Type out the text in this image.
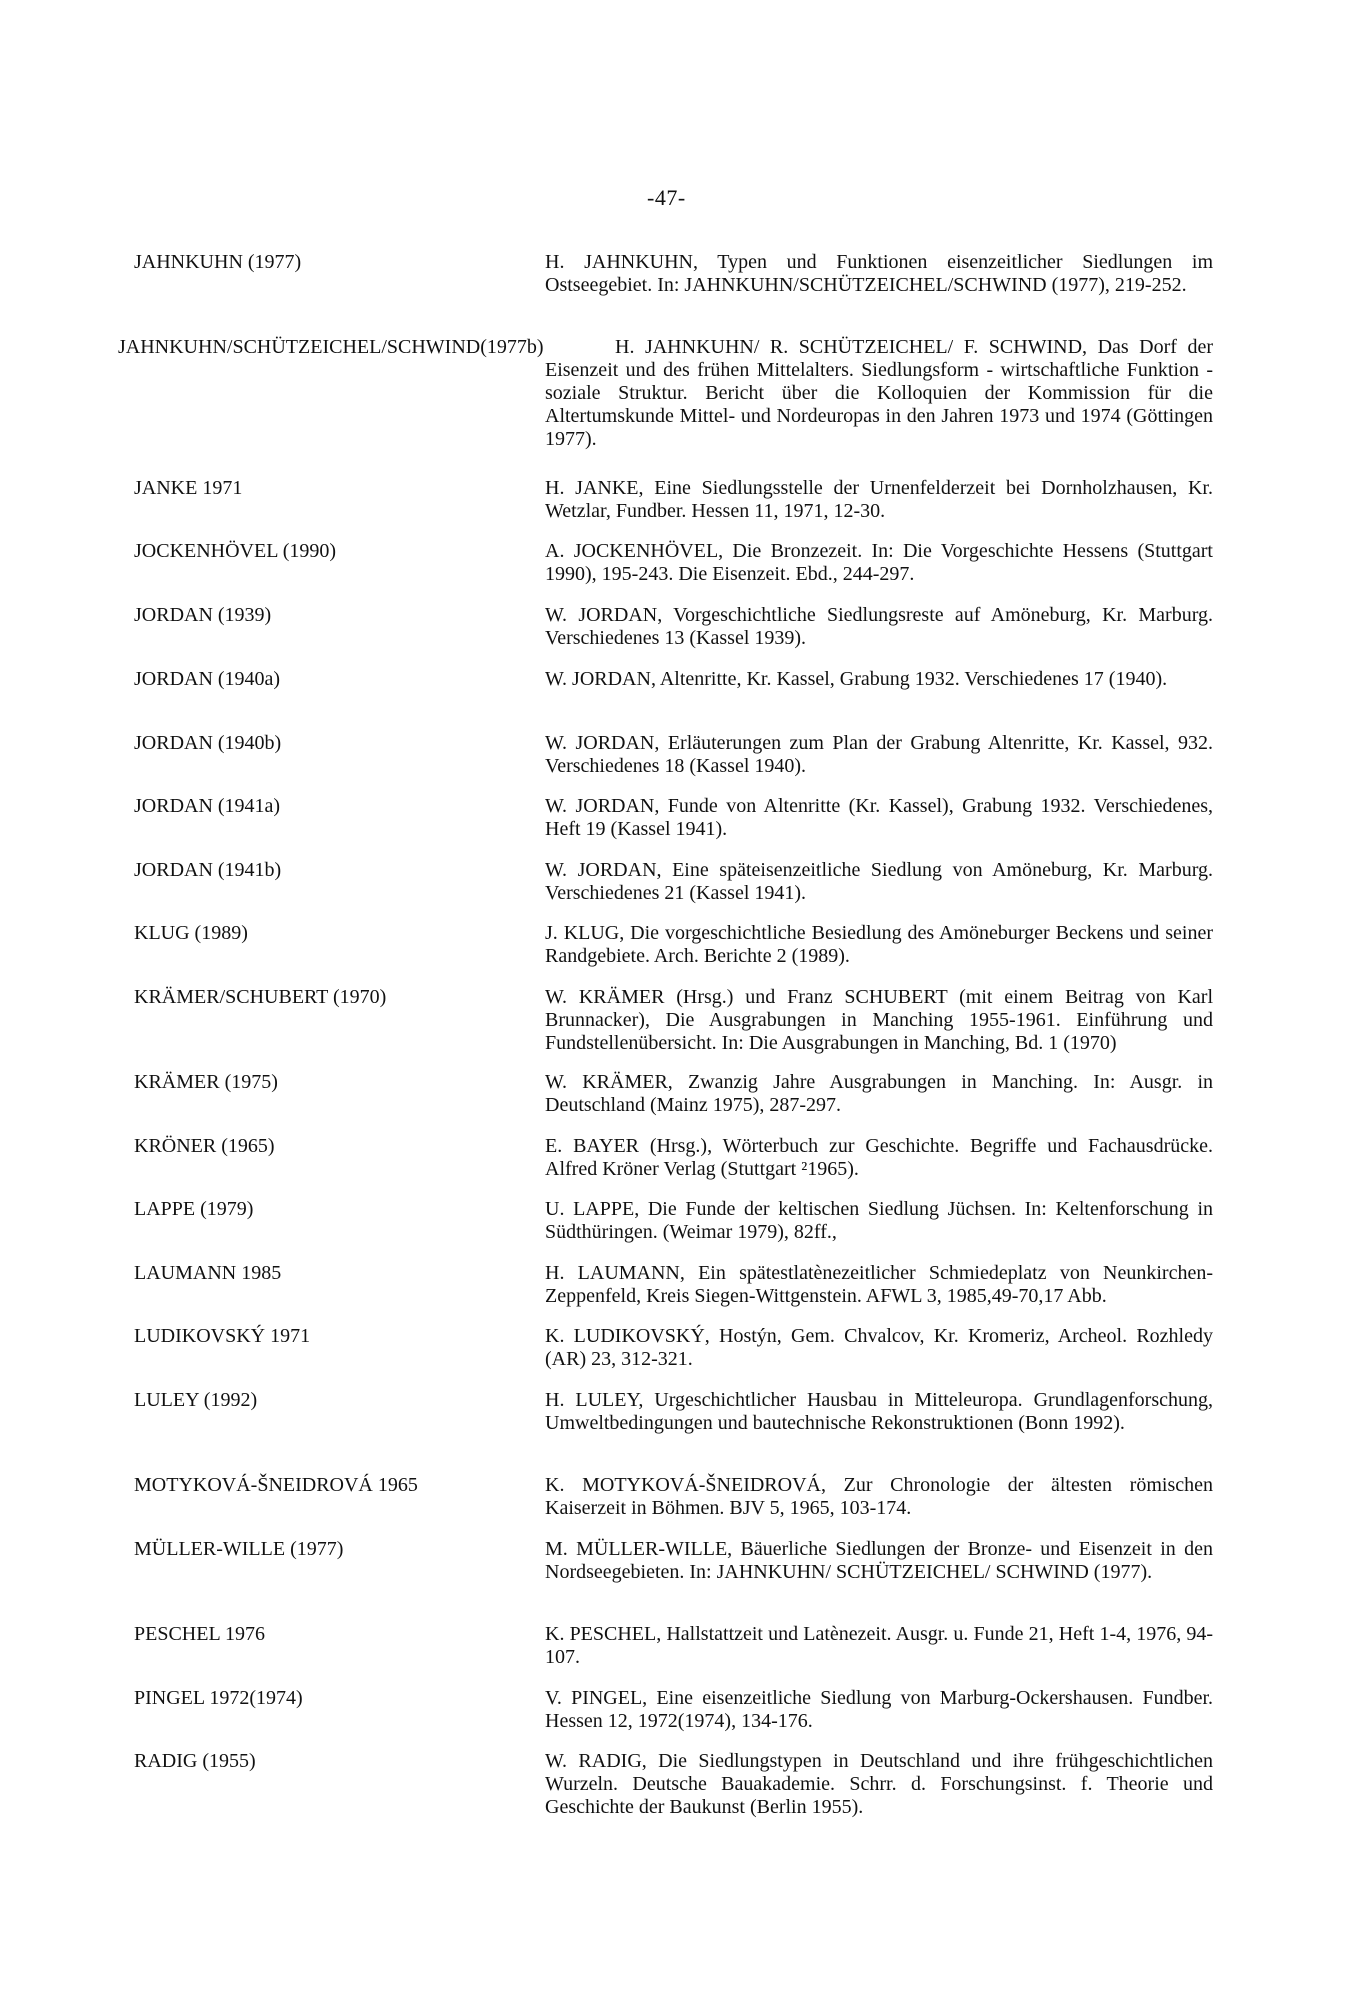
-47-
JAHNKUHN (1977)	H. JAHNKUHN, Typen und Funktionen eisenzeitlicher Siedlungen im Ostseegebiet. In: JAHNKUHN/SCHÜTZEICHEL/SCHWIND (1977), 219-252.
JAHNKUHN/SCHÜTZEICHEL/SCHWIND(1977b)	H. JAHNKUHN/ R. SCHÜTZEICHEL/ F. SCHWIND, Das Dorf der Eisenzeit und des frühen Mittelalters. Siedlungsform - wirtschaftliche Funktion - soziale Struktur. Bericht über die Kolloquien der Kommission für die Altertumskunde Mittel- und Nordeuropas in den Jahren 1973 und 1974 (Göttingen 1977).
JANKE 1971	H. JANKE, Eine Siedlungsstelle der Urnenfelderzeit bei Dornholzhausen, Kr. Wetzlar, Fundber. Hessen 11, 1971, 12-30.
JOCKENHÖVEL (1990)	A. JOCKENHÖVEL, Die Bronzezeit. In: Die Vorgeschichte Hessens (Stuttgart 1990), 195-243. Die Eisenzeit. Ebd., 244-297.
JORDAN (1939)	W. JORDAN, Vorgeschichtliche Siedlungsreste auf Amöneburg, Kr. Marburg. Verschiedenes 13 (Kassel 1939).
JORDAN (1940a)	W. JORDAN, Altenritte, Kr. Kassel, Grabung 1932. Verschiedenes 17 (1940).
JORDAN (1940b)	W. JORDAN, Erläuterungen zum Plan der Grabung Altenritte, Kr. Kassel, 932. Verschiedenes 18 (Kassel 1940).
JORDAN (1941a)	W. JORDAN, Funde von Altenritte (Kr. Kassel), Grabung 1932. Verschiedenes, Heft 19 (Kassel 1941).
JORDAN (1941b)	W. JORDAN, Eine späteisenzeitliche Siedlung von Amöneburg, Kr. Marburg. Verschiedenes 21 (Kassel 1941).
KLUG (1989)	J. KLUG, Die vorgeschichtliche Besiedlung des Amöneburger Beckens und seiner Randgebiete. Arch. Berichte 2 (1989).
KRÄMER/SCHUBERT (1970)	W. KRÄMER (Hrsg.) und Franz SCHUBERT (mit einem Beitrag von Karl Brunnacker), Die Ausgrabungen in Manching 1955-1961. Einführung und Fundstellenübersicht. In: Die Ausgrabungen in Manching, Bd. 1 (1970)
KRÄMER (1975)	W. KRÄMER, Zwanzig Jahre Ausgrabungen in Manching. In: Ausgr. in Deutschland (Mainz 1975), 287-297.
KRÖNER (1965)	E. BAYER (Hrsg.), Wörterbuch zur Geschichte. Begriffe und Fachausdrücke. Alfred Kröner Verlag (Stuttgart ²1965).
LAPPE (1979)	U. LAPPE, Die Funde der keltischen Siedlung Jüchsen. In: Keltenforschung in Südthüringen. (Weimar 1979), 82ff.,
LAUMANN 1985	H. LAUMANN, Ein spätestlatènezeitlicher Schmiedeplatz von Neunkirchen-Zeppenfeld, Kreis Siegen-Wittgenstein. AFWL 3, 1985,49-70,17 Abb.
LUDIKOVSKÝ 1971	K. LUDIKOVSKÝ, Hostýn, Gem. Chvalcov, Kr. Kromeriz, Archeol. Rozhledy (AR) 23, 312-321.
LULEY (1992)	H. LULEY, Urgeschichtlicher Hausbau in Mitteleuropa. Grundlagenforschung, Umweltbedingungen und bautechnische Rekonstruktionen (Bonn 1992).
MOTYKOVÁ-ŠNEIDROVÁ 1965	K. MOTYKOVÁ-ŠNEIDROVÁ, Zur Chronologie der ältesten römischen Kaiserzeit in Böhmen. BJV 5, 1965, 103-174.
MÜLLER-WILLE (1977)	M. MÜLLER-WILLE, Bäuerliche Siedlungen der Bronze- und Eisenzeit in den Nordseegebieten. In: JAHNKUHN/ SCHÜTZEICHEL/ SCHWIND (1977).
PESCHEL 1976	K. PESCHEL, Hallstattzeit und Latènezeit. Ausgr. u. Funde 21, Heft 1-4, 1976, 94-107.
PINGEL 1972(1974)	V. PINGEL, Eine eisenzeitliche Siedlung von Marburg-Ockershausen. Fundber. Hessen 12, 1972(1974), 134-176.
RADIG (1955)	W. RADIG, Die Siedlungstypen in Deutschland und ihre frühgeschichtlichen Wurzeln. Deutsche Bauakademie. Schrr. d. Forschungsinst. f. Theorie und Geschichte der Baukunst (Berlin 1955).
